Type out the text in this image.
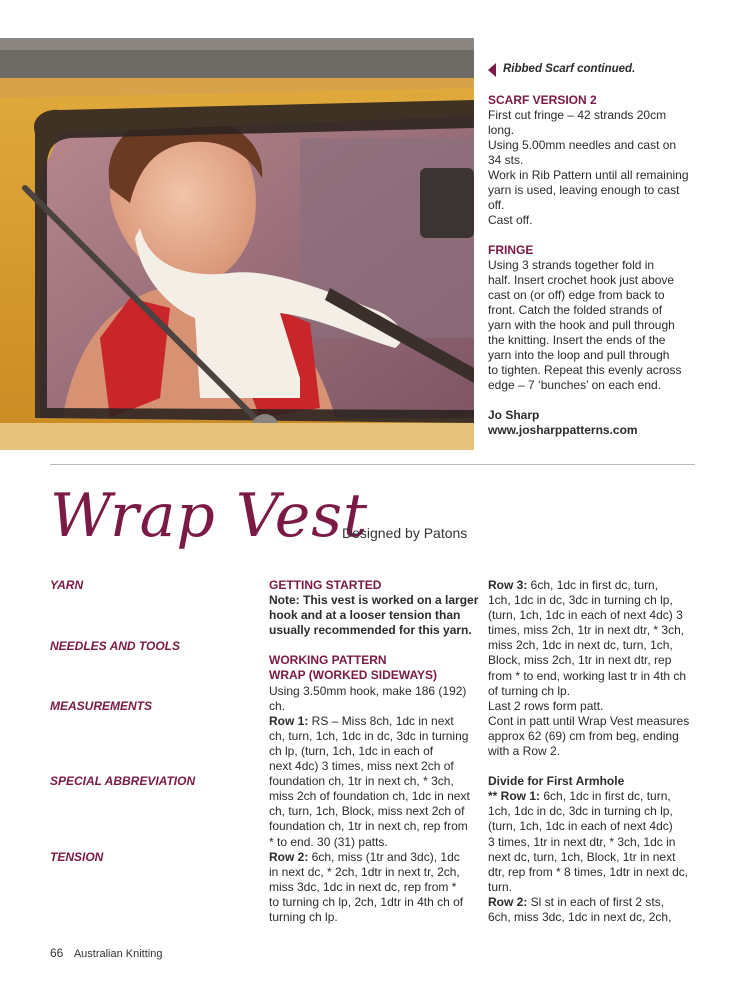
Ribbed Scarf continued.
SCARF VERSION 2
First cut fringe – 42 strands 20cm
long.
Using 5.00mm needles and cast on
34 sts.
Work in Rib Pattern until all remaining
yarn is used, leaving enough to cast
off.
Cast off.
FRINGE
Using 3 strands together fold in
half. Insert crochet hook just above
cast on (or off) edge from back to
front. Catch the folded strands of
yarn with the hook and pull through
the knitting. Insert the ends of the
yarn into the loop and pull through
to tighten. Repeat this evenly across
edge – 7 ‘bunches’ on each end.
Jo Sharp
www.josharppatterns.com
Wrap Vest
Designed by Patons
YARN
NEEDLES AND TOOLS
MEASUREMENTS
SPECIAL ABBREVIATION
TENSION
GETTING STARTED
Note: This vest is worked on a larger
hook and at a looser tension than
usually recommended for this yarn.
WORKING PATTERN
WRAP (WORKED SIDEWAYS)
Using 3.50mm hook, make 186 (192)
ch.
Row 1: RS – Miss 8ch, 1dc in next
ch, turn, 1ch, 1dc in dc, 3dc in turning
ch lp, (turn, 1ch, 1dc in each of
next 4dc) 3 times, miss next 2ch of
foundation ch, 1tr in next ch, * 3ch,
miss 2ch of foundation ch, 1dc in next
ch, turn, 1ch, Block, miss next 2ch of
foundation ch, 1tr in next ch, rep from
* to end. 30 (31) patts.
Row 2: 6ch, miss (1tr and 3dc), 1dc
in next dc, * 2ch, 1dtr in next tr, 2ch,
miss 3dc, 1dc in next dc, rep from *
to turning ch lp, 2ch, 1dtr in 4th ch of
turning ch lp.
Row 3: 6ch, 1dc in first dc, turn,
1ch, 1dc in dc, 3dc in turning ch lp,
(turn, 1ch, 1dc in each of next 4dc) 3
times, miss 2ch, 1tr in next dtr, * 3ch,
miss 2ch, 1dc in next dc, turn, 1ch,
Block, miss 2ch, 1tr in next dtr, rep
from * to end, working last tr in 4th ch
of turning ch lp.
Last 2 rows form patt.
Cont in patt until Wrap Vest measures
approx 62 (69) cm from beg, ending
with a Row 2.
Divide for First Armhole
** Row 1: 6ch, 1dc in first dc, turn,
1ch, 1dc in dc, 3dc in turning ch lp,
(turn, 1ch, 1dc in each of next 4dc)
3 times, 1tr in next dtr, * 3ch, 1dc in
next dc, turn, 1ch, Block, 1tr in next
dtr, rep from * 8 times, 1dtr in next dc,
turn.
Row 2: Sl st in each of first 2 sts,
6ch, miss 3dc, 1dc in next dc, 2ch,
66 Australian Knitting
